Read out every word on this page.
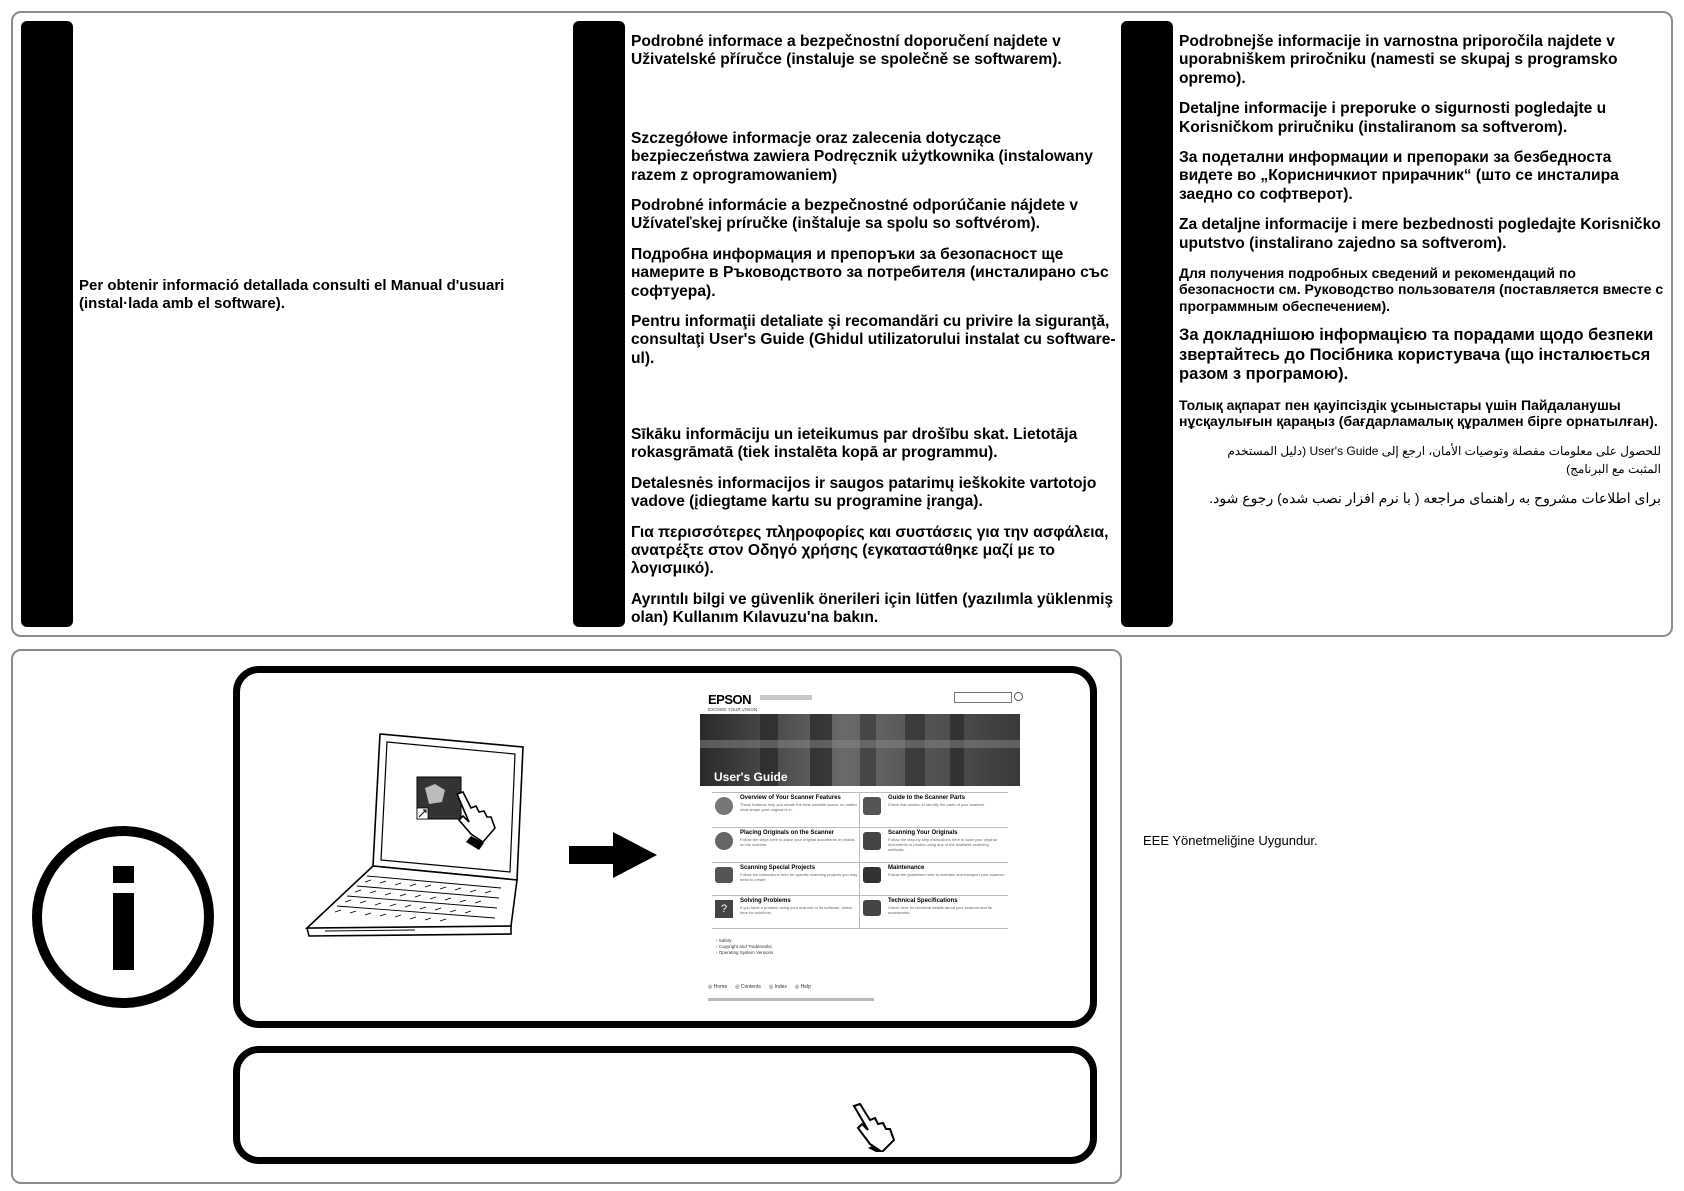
Per obtenir informació detallada consulti el Manual d'usuari (instal·lada amb el software).

Podrobné informace a bezpečnostní doporučení najdete v Uživatelské příručce (instaluje se společně se softwarem).

Szczegółowe informacje oraz zalecenia dotyczące bezpieczeństwa zawiera Podręcznik użytkownika (instalowany razem z oprogramowaniem)

Podrobné informácie a bezpečnostné odporúčanie nájdete v Užívateľskej príručke (inštaluje sa spolu so softvérom).

Подробна информация и препоръки за безопасност ще намерите в Ръководството за потребителя (инсталирано със софтуера).

Pentru informaţii detaliate şi recomandări cu privire la siguranţă, consultaţi User's Guide (Ghidul utilizatorului instalat cu software-ul).

Sīkāku informāciju un ieteikumus par drošību skat. Lietotāja rokasgrāmatā (tiek instalēta kopā ar programmu).

Detalesnės informacijos ir saugos patarimų ieškokite vartotojo vadove (įdiegtame kartu su programine įranga).

Για περισσότερες πληροφορίες και συστάσεις για την ασφάλεια, ανατρέξτε στον Οδηγό χρήσης (εγκαταστάθηκε μαζί με το λογισμικό).

Ayrıntılı bilgi ve güvenlik önerileri için lütfen (yazılımla yüklenmiş olan) Kullanım Kılavuzu'na bakın.

Podrobnejše informacije in varnostna priporočila najdete v uporabniškem priročniku (namesti se skupaj s programsko opremo).

Detaljne informacije i preporuke o sigurnosti pogledajte u Korisničkom priručniku (instaliranom sa softverom).

За подетални информации и препораки за безбедноста видете во „Корисничкиот прирачник“ (што се инсталира заедно со софтверот).

Za detaljne informacije i mere bezbednosti pogledajte Korisničko uputstvo (instalirano zajedno sa softverom).

Для получения подробных сведений и рекомендаций по безопасности см. Руководство пользователя (поставляется вместе с программным обеспечением).

За докладнішою інформацією та порадами щодо безпеки звертайтесь до Посібника користувача (що інсталюється разом з програмою).

Толық ақпарат пен қауіпсіздік ұсыныстары үшін Пайдаланушы нұсқаулығын қараңыз (бағдарламалық құралмен бірге орнатылған).

للحصول على معلومات مفصلة وتوصيات الأمان، ارجع إلى User's Guide (دليل المستخدم
المثبت مع البرنامج)
برای اطلاعات مشروح به راهنمای مراجعه ( با نرم افزار نصب شده) رجوع شود.
EPSON
EXCEED YOUR VISION
User's Guide
Overview of Your Scanner Features
These features help you create the best possible scans, no matter what shape your original is in.
Guide to the Scanner Parts
Check this section to identify the parts of your scanner.
Placing Originals on the Scanner
Follow the steps here to place your original documents or photos on the scanner.
Scanning Your Originals
Follow the step-by-step instructions here to scan your original documents or photos using any of the available scanning methods.
Scanning Special Projects
Follow the instructions here for specific scanning projects you may need to create.
Maintenance
Follow the guidelines here to maintain and transport your scanner.
?
Solving Problems
If you have a problem using your scanner or its software, check here for solutions.
Technical Specifications
Check here for technical details about your scanner and its accessories.
› Safety
› Copyright and Trademarks
› Operating System Versions
◎ Home ◎ Contents ◎ Index ◎ Help
EEE Yönetmeliğine Uygundur.
